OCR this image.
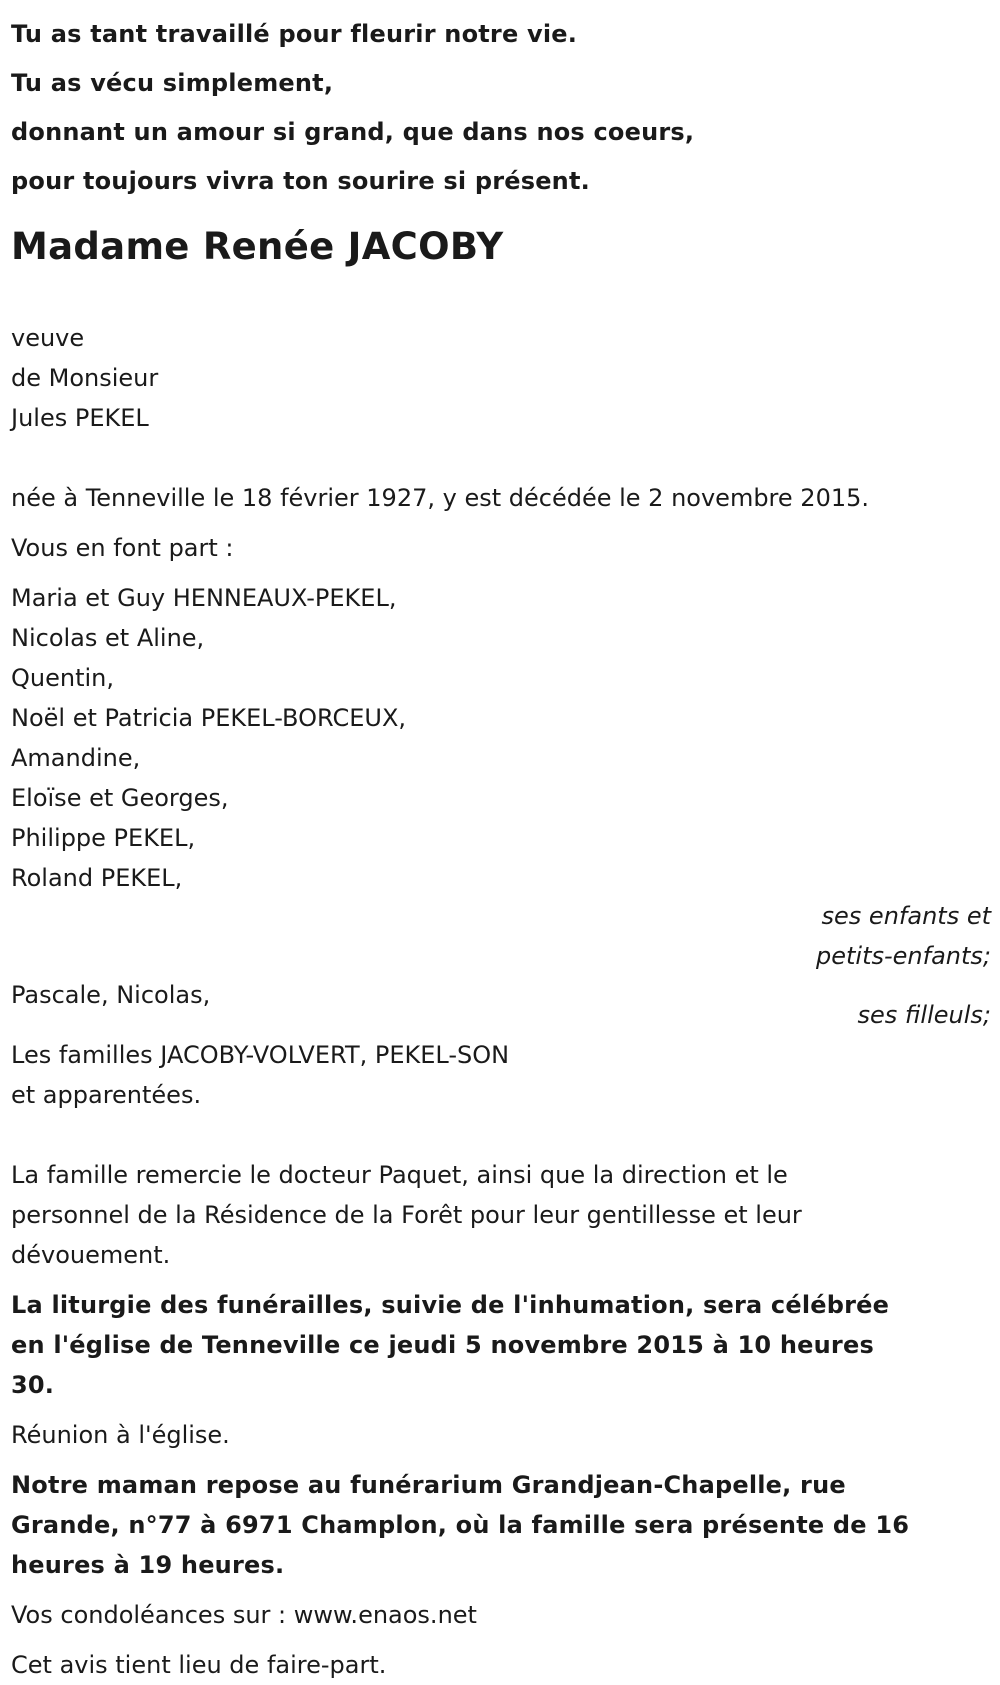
Tu as tant travaillé pour fleurir notre vie.
Tu as vécu simplement,
donnant un amour si grand, que dans nos coeurs,
pour toujours vivra ton sourire si présent.
Madame Renée JACOBY
veuve
de Monsieur
Jules PEKEL
née à Tenneville le 18 février 1927, y est décédée le 2 novembre 2015.
Vous en font part :
Maria et Guy HENNEAUX-PEKEL,
Nicolas et Aline,
Quentin,
Noël et Patricia PEKEL-BORCEUX,
Amandine,
Eloïse et Georges,
Philippe PEKEL,
Roland PEKEL,
ses enfants et
petits-enfants;
Pascale, Nicolas,
ses filleuls;
Les familles JACOBY-VOLVERT, PEKEL-SON
et apparentées.
La famille remercie le docteur Paquet, ainsi que la direction et le personnel de la Résidence de la Forêt pour leur gentillesse et leur dévouement.
La liturgie des funérailles, suivie de l'inhumation, sera célébrée en l'église de Tenneville ce jeudi 5 novembre 2015 à 10 heures 30.
Réunion à l'église.
Notre maman repose au funérarium Grandjean-Chapelle, rue Grande, n°77 à 6971 Champlon, où la famille sera présente de 16 heures à 19 heures.
Vos condoléances sur : www.enaos.net
Cet avis tient lieu de faire-part.
